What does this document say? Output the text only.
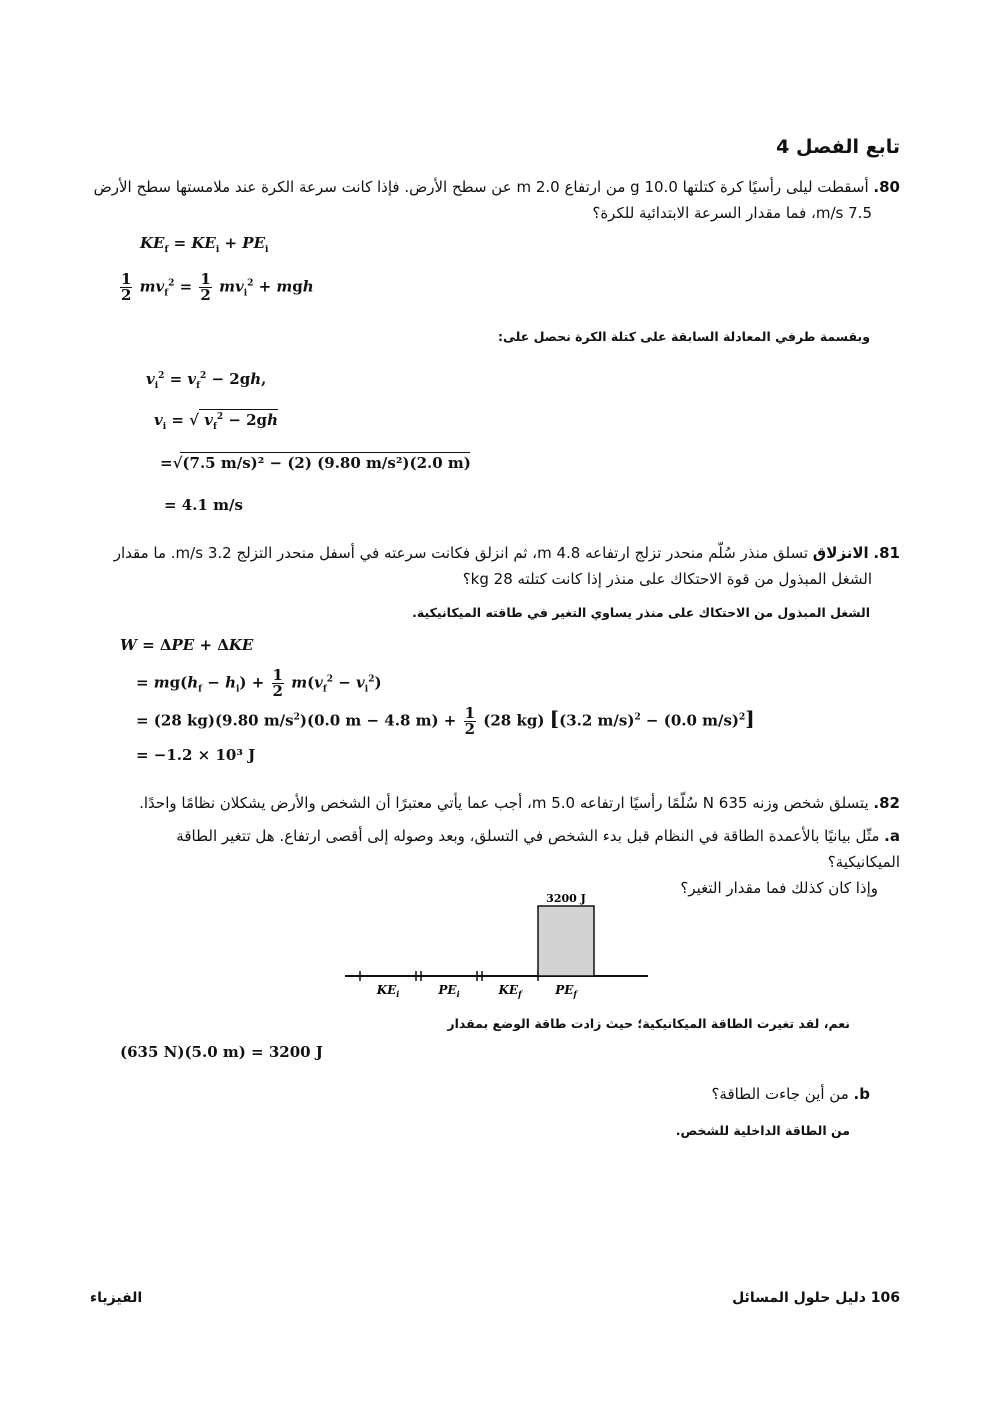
تابع الفصل 4
80. أسقطت ليلى رأسيًا كرة كتلتها 10.0 g من ارتفاع 2.0 m عن سطح الأرض. فإذا كانت سرعة الكرة عند ملامستها سطح الأرض
7.5 m/s، فما مقدار السرعة الابتدائية للكرة؟
$KE_f = KE_i + PE_i$
$\frac{1}{2} mv_f^2 = \frac{1}{2} mv_i^2$ + mgh
وبقسمة طرفي المعادلة السابقة على كتلة الكرة نحصل على:
$v_i^2 = v_f^2 - 2gh$,
$v_i$ = √ $v_f^2 - 2gh$
=√(7.5 m/s)² − (2) (9.80 m/s²)(2.0 m)
= 4.1 m/s
81. الانزلاق تسلق منذر سُلّم منحدر تزلج ارتفاعه 4.8 m، ثم انزلق فكانت سرعته في أسفل منحدر التزلج 3.2 m/s. ما مقدار
الشغل المبذول من قوة الاحتكاك على منذر إذا كانت كتلته 28 kg؟
الشغل المبذول من الاحتكاك على منذر يساوي التغير في طاقته الميكانيكية.
W = ΔPE + ΔKE
= $mg(h_f - h_i) + \frac{1}{2} m(v_f^2 - v_i^2)$
= (28 kg)(9.80 $m/s^2)(0.0$ m − 4.8 $m) + \frac{1}{2} (28$ kg) [(3.2 m/s)$^2$ − (0.0 m/s)$^2$]
= −1.2 × 10³ J
82. يتسلق شخص وزنه 635 N سُلّمًا رأسيًا ارتفاعه 5.0 m، أجب عما يأتي معتبرًا أن الشخص والأرض يشكلان نظامًا واحدًا.
a. مثّل بيانيًا بالأعمدة الطاقة في النظام قبل بدء الشخص في التسلق، وبعد وصوله إلى أقصى ارتفاع. هل تتغير الطاقة الميكانيكية؟
وإذا كان كذلك فما مقدار التغير؟
3200 J
$KE_i$	$PE_i$	$KE_f$	$PE_f$
نعم، لقد تغيرت الطاقة الميكانيكية؛ حيث زادت طاقة الوضع بمقدار
(635 N)(5.0 m) = 3200 J
b. من أين جاءت الطاقة؟
من الطاقة الداخلية للشخص.
106 دليل حلول المسائل
الفيزياء
